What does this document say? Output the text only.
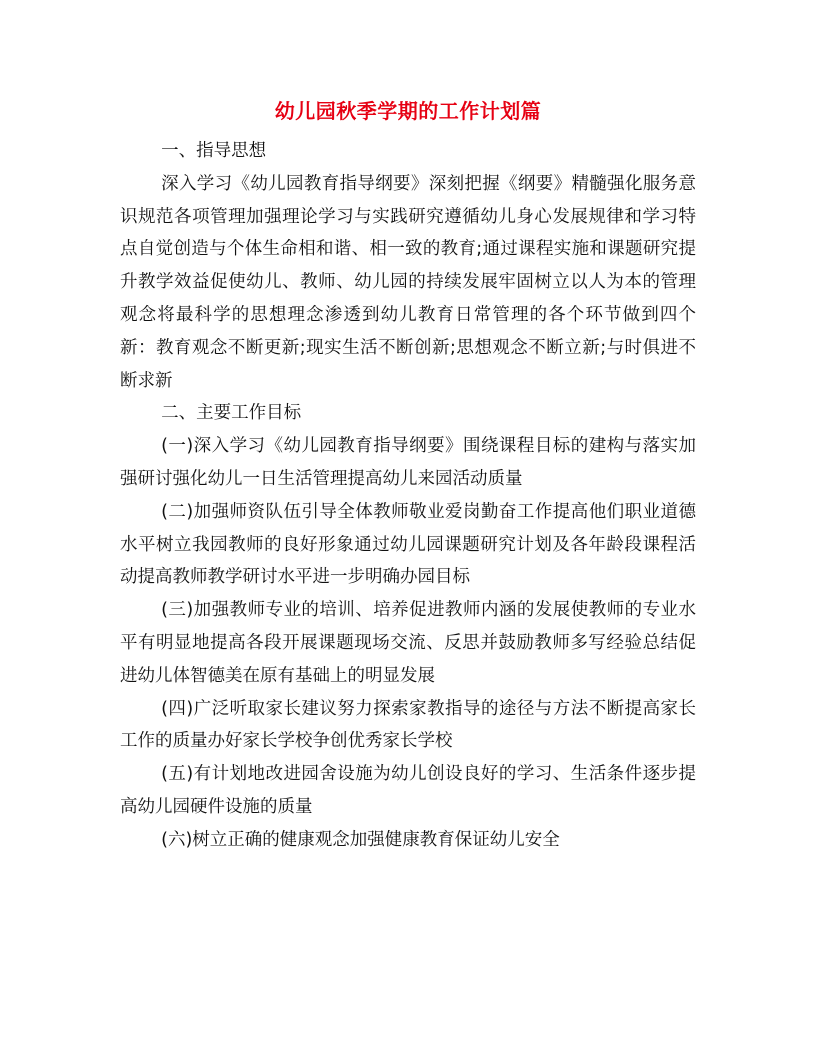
幼儿园秋季学期的工作计划篇

一、指导思想

深入学习《幼儿园教育指导纲要》深刻把握《纲要》精髓强化服务意识规范各项管理加强理论学习与实践研究遵循幼儿身心发展规律和学习特点自觉创造与个体生命相和谐、相一致的教育;通过课程实施和课题研究提升教学效益促使幼儿、教师、幼儿园的持续发展牢固树立以人为本的管理观念将最科学的思想理念渗透到幼儿教育日常管理的各个环节做到四个新：教育观念不断更新;现实生活不断创新;思想观念不断立新;与时俱进不断求新

二、主要工作目标

(一)深入学习《幼儿园教育指导纲要》围绕课程目标的建构与落实加强研讨强化幼儿一日生活管理提高幼儿来园活动质量

(二)加强师资队伍引导全体教师敬业爱岗勤奋工作提高他们职业道德水平树立我园教师的良好形象通过幼儿园课题研究计划及各年龄段课程活动提高教师教学研讨水平进一步明确办园目标

(三)加强教师专业的培训、培养促进教师内涵的发展使教师的专业水平有明显地提高各段开展课题现场交流、反思并鼓励教师多写经验总结促进幼儿体智德美在原有基础上的明显发展

(四)广泛听取家长建议努力探索家教指导的途径与方法不断提高家长工作的质量办好家长学校争创优秀家长学校

(五)有计划地改进园舍设施为幼儿创设良好的学习、生活条件逐步提高幼儿园硬件设施的质量

(六)树立正确的健康观念加强健康教育保证幼儿安全
